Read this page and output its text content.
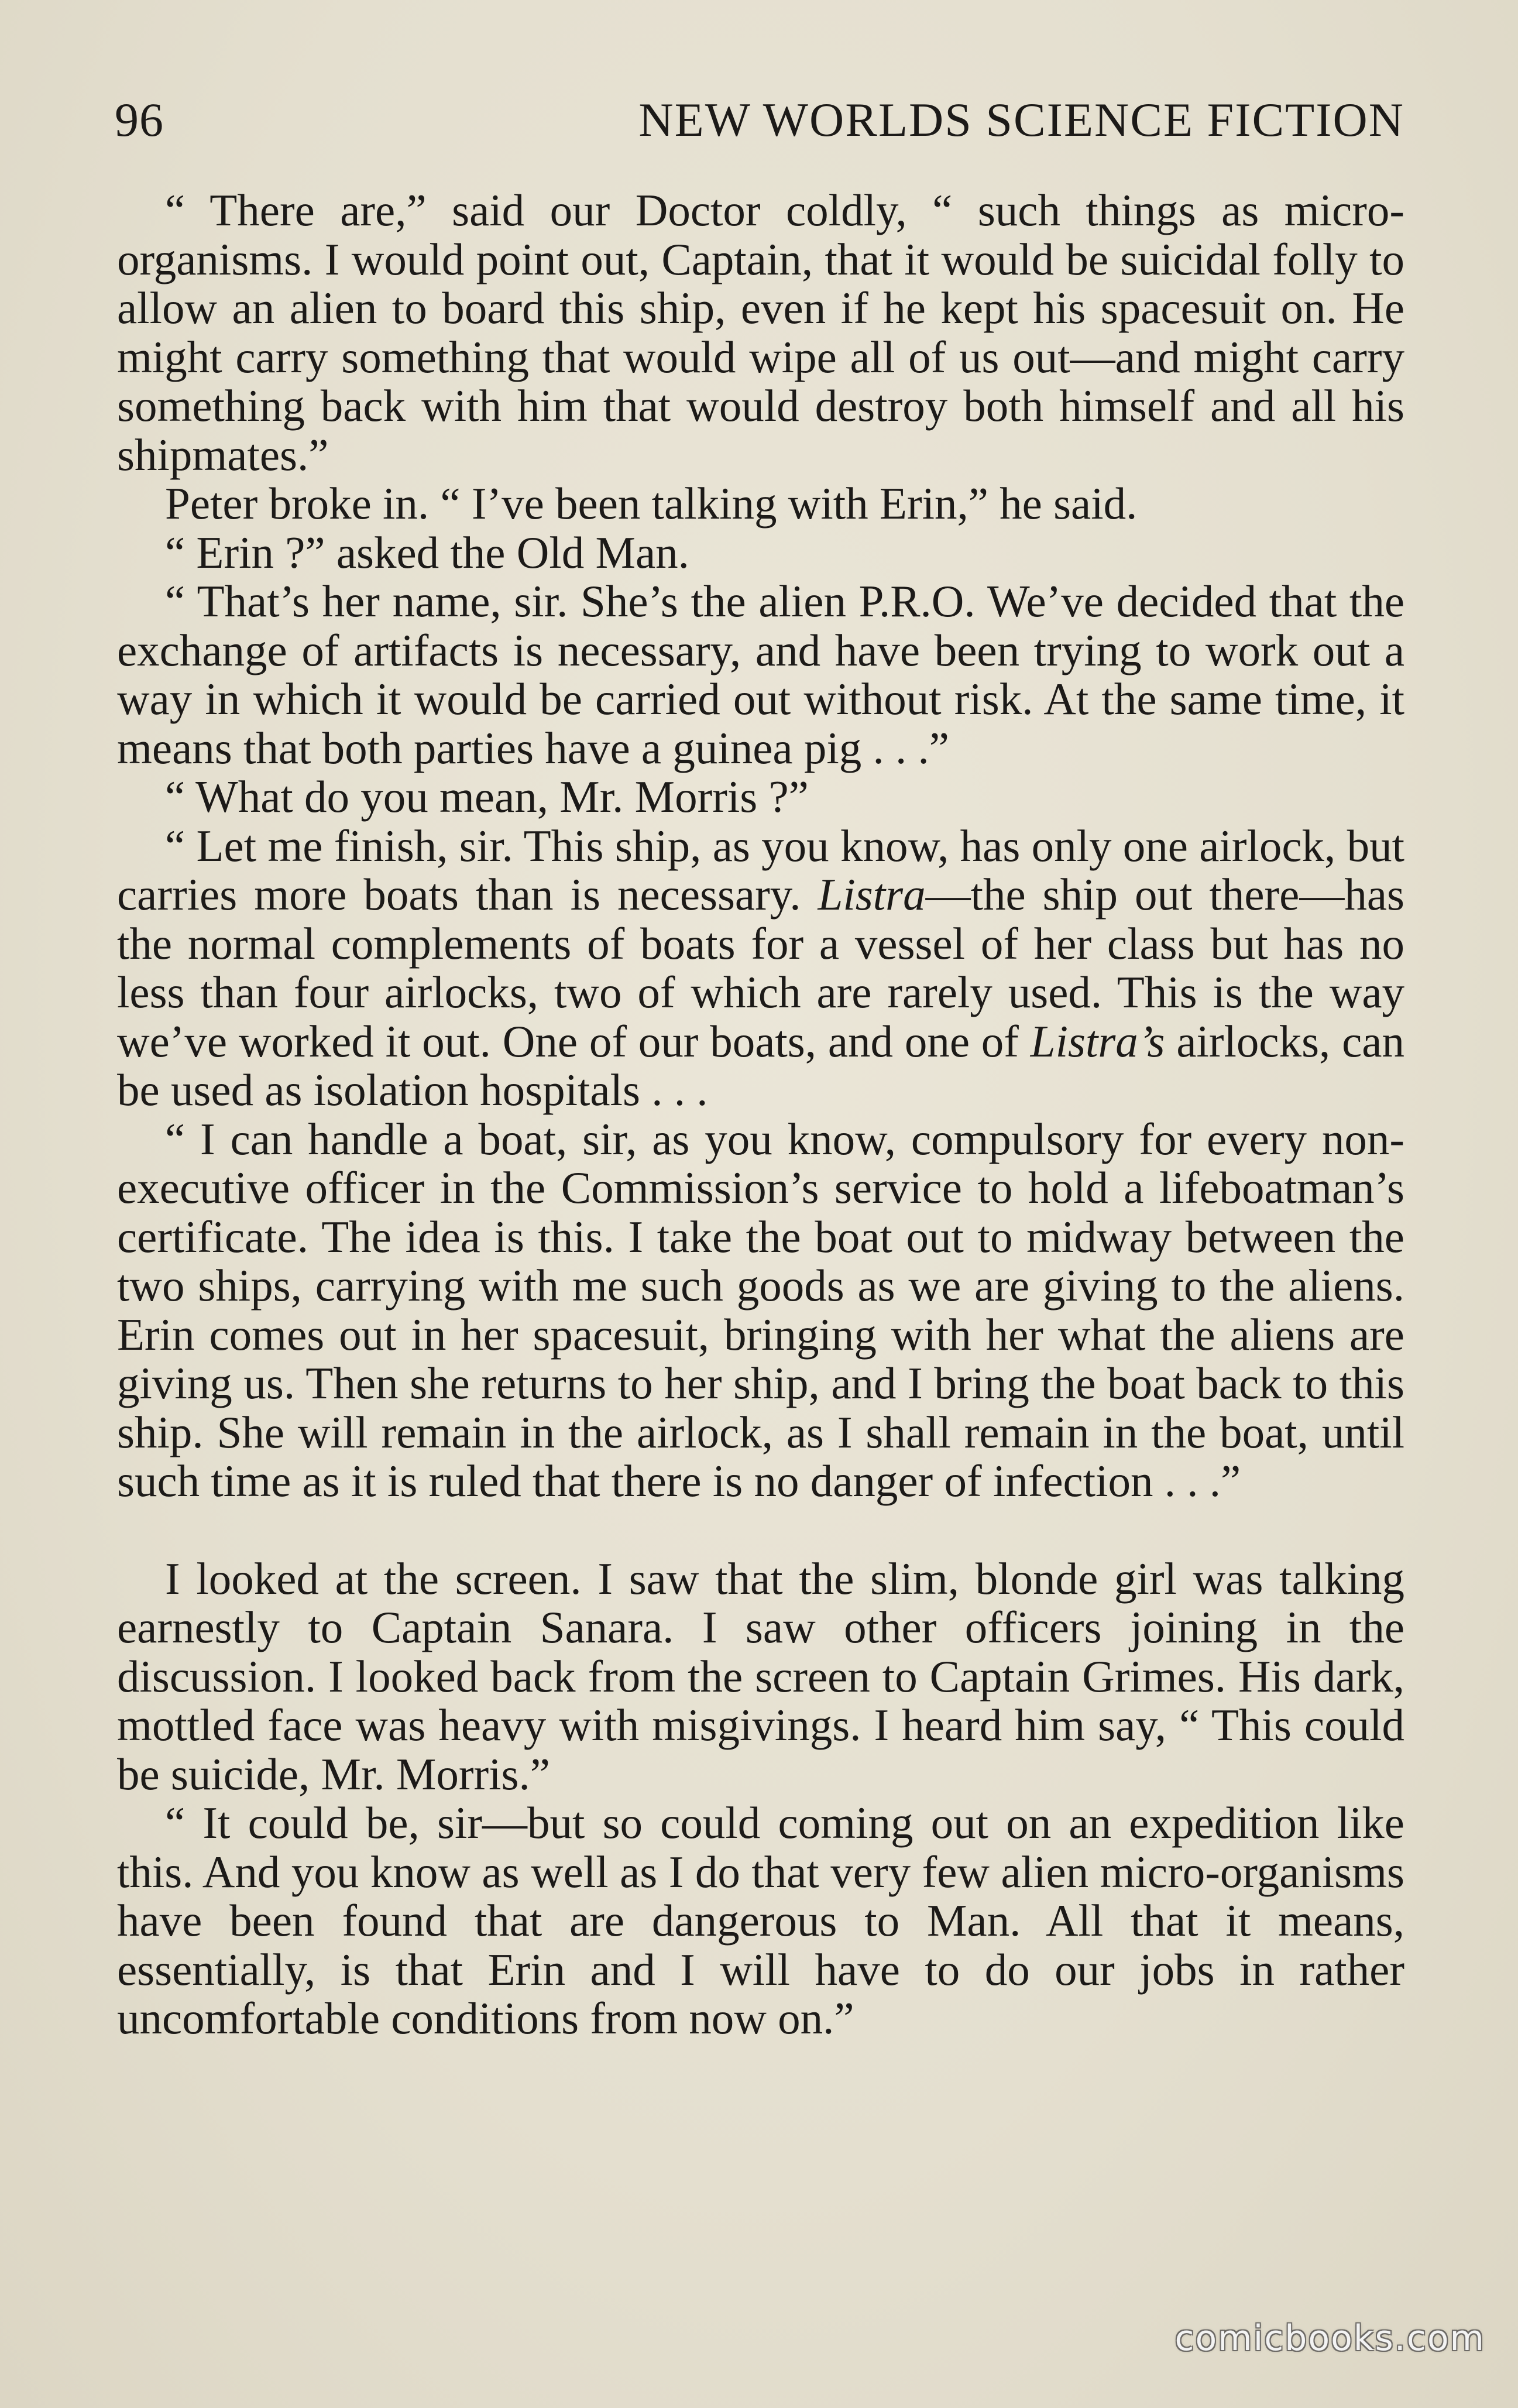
96	NEW WORLDS SCIENCE FICTION

“ There are,” said our Doctor coldly, “ such things as micro-organisms. I would point out, Captain, that it would be suicidal folly to allow an alien to board this ship, even if he kept his spacesuit on. He might carry something that would wipe all of us out—and might carry something back with him that would destroy both himself and all his shipmates.”

Peter broke in. “ I’ve been talking with Erin,” he said.

“ Erin ?” asked the Old Man.

“ That’s her name, sir. She’s the alien P.R.O. We’ve decided that the exchange of artifacts is necessary, and have been trying to work out a way in which it would be carried out without risk. At the same time, it means that both parties have a guinea pig . . .”

“ What do you mean, Mr. Morris ?”

“ Let me finish, sir. This ship, as you know, has only one airlock, but carries more boats than is necessary. Listra—the ship out there—has the normal complements of boats for a vessel of her class but has no less than four airlocks, two of which are rarely used. This is the way we’ve worked it out. One of our boats, and one of Listra’s airlocks, can be used as isolation hospitals . . .

“ I can handle a boat, sir, as you know, compulsory for every non-executive officer in the Commission’s service to hold a lifeboatman’s certificate. The idea is this. I take the boat out to midway between the two ships, carrying with me such goods as we are giving to the aliens. Erin comes out in her spacesuit, bringing with her what the aliens are giving us. Then she returns to her ship, and I bring the boat back to this ship. She will remain in the airlock, as I shall remain in the boat, until such time as it is ruled that there is no danger of infection . . .”

I looked at the screen. I saw that the slim, blonde girl was talking earnestly to Captain Sanara. I saw other officers joining in the discussion. I looked back from the screen to Captain Grimes. His dark, mottled face was heavy with misgivings. I heard him say, “ This could be suicide, Mr. Morris.”

“ It could be, sir—but so could coming out on an expedition like this. And you know as well as I do that very few alien micro-organisms have been found that are dangerous to Man. All that it means, essentially, is that Erin and I will have to do our jobs in rather uncomfortable conditions from now on.”

comicbooks.com
